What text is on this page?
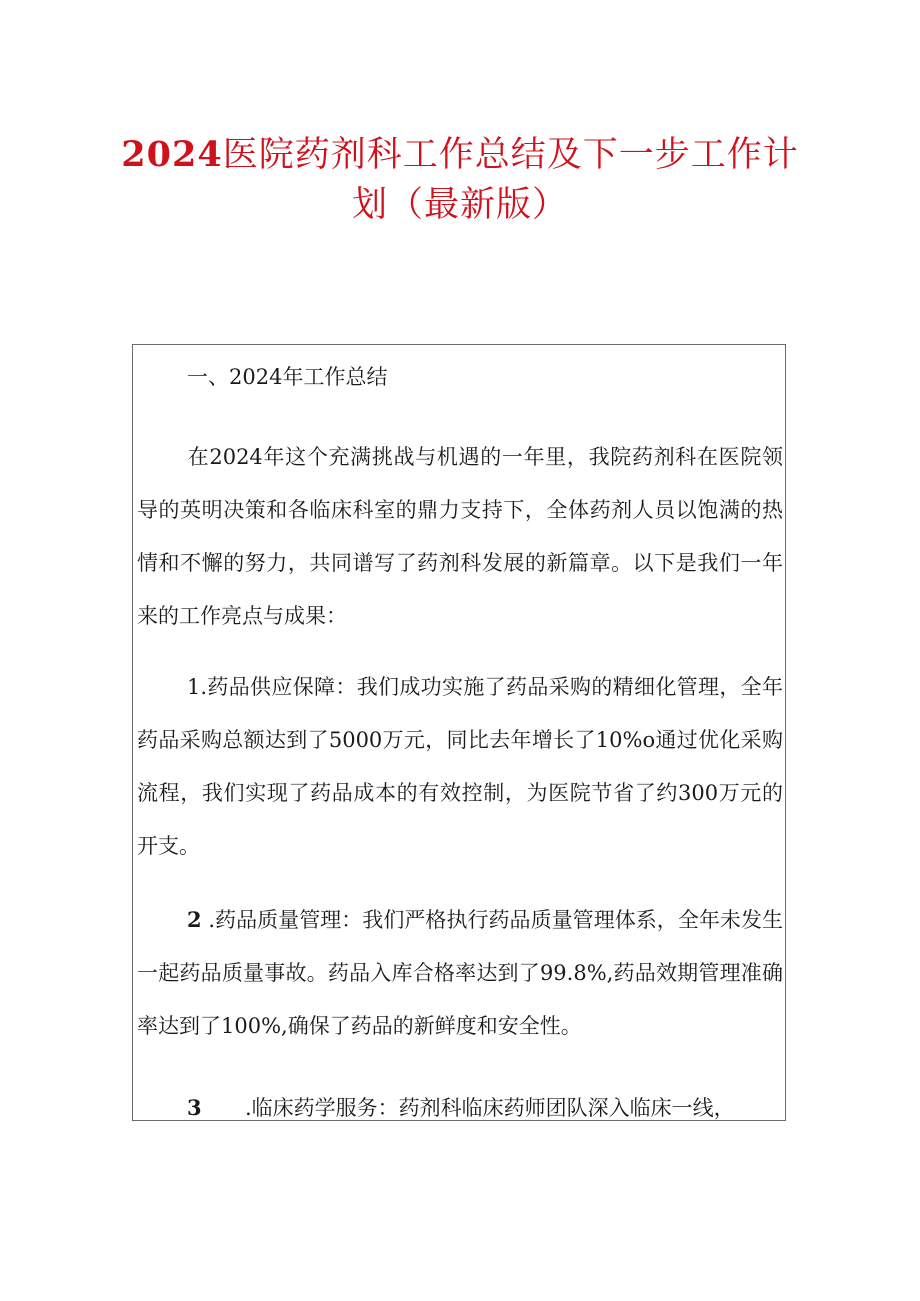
2024医院药剂科工作总结及下一步工作计
划（最新版）

一、2024年工作总结

在2024年这个充满挑战与机遇的一年里，我院药剂科在医院领导的英明决策和各临床科室的鼎力支持下，全体药剂人员以饱满的热情和不懈的努力，共同谱写了药剂科发展的新篇章。以下是我们一年来的工作亮点与成果：

1.药品供应保障：我们成功实施了药品采购的精细化管理，全年药品采购总额达到了5000万元，同比去年增长了10%o通过优化采购流程，我们实现了药品成本的有效控制，为医院节省了约300万元的开支。

2 .药品质量管理：我们严格执行药品质量管理体系，全年未发生一起药品质量事故。药品入库合格率达到了99.8%,药品效期管理准确率达到了100%,确保了药品的新鲜度和安全性。

3 .临床药学服务：药剂科临床药师团队深入临床一线，
